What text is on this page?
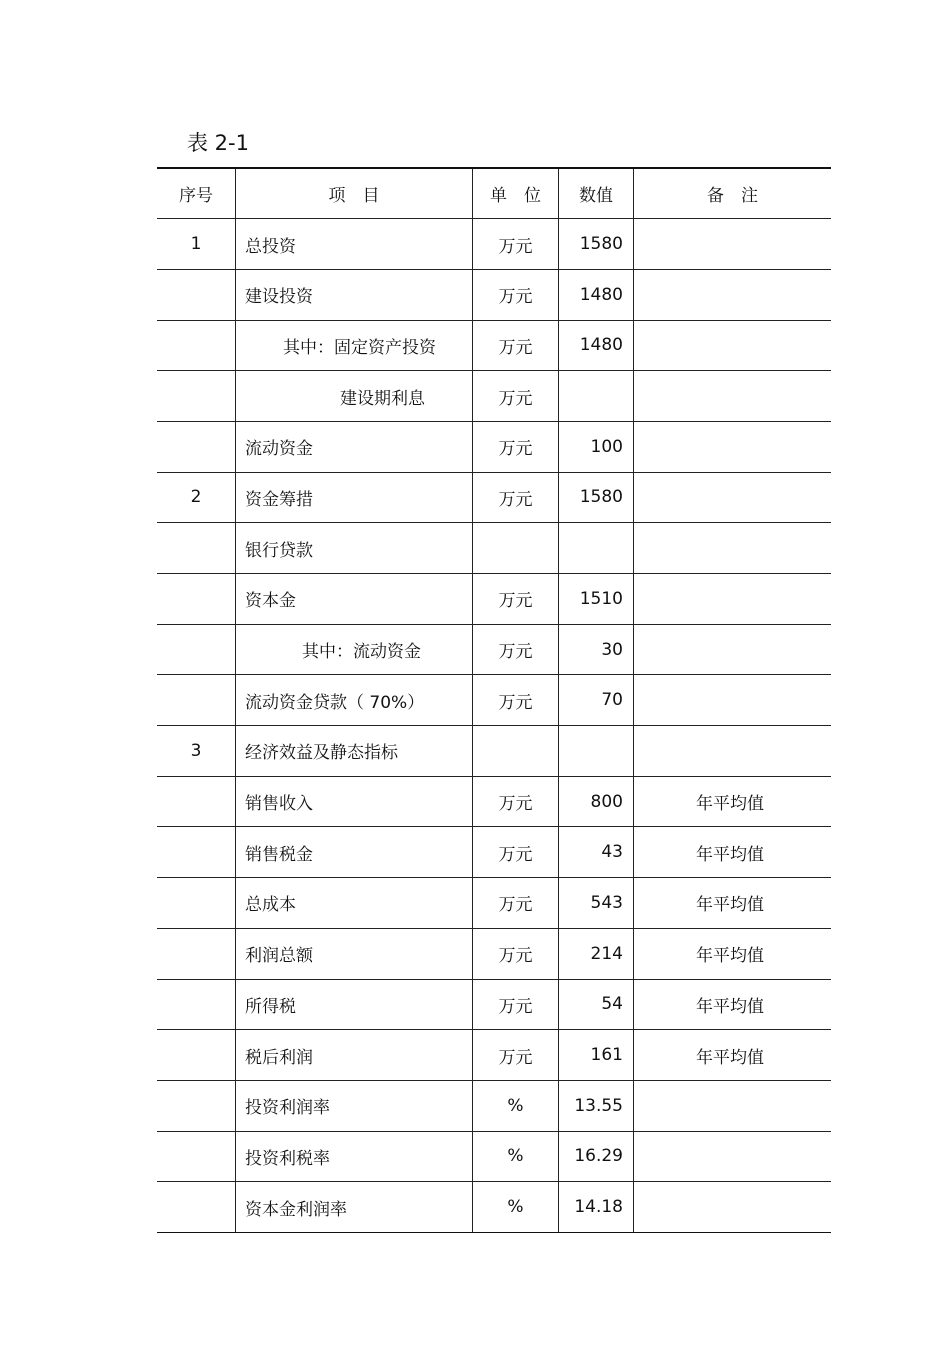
表 2-1
序号	项　目	单　位	数值	备　注
1	总投资	万元	1580	
	建设投资	万元	1480	
	其中：固定资产投资	万元	1480	
	建设期利息	万元		
	流动资金	万元	100	
2	资金筹措	万元	1580	
	银行贷款			
	资本金	万元	1510	
	其中：流动资金	万元	30	
	流动资金贷款（ 70%）	万元	70	
3	经济效益及静态指标			
	销售收入	万元	800	年平均值
	销售税金	万元	43	年平均值
	总成本	万元	543	年平均值
	利润总额	万元	214	年平均值
	所得税	万元	54	年平均值
	税后利润	万元	161	年平均值
	投资利润率	%	13.55	
	投资利税率	%	16.29	
	资本金利润率	%	14.18	
